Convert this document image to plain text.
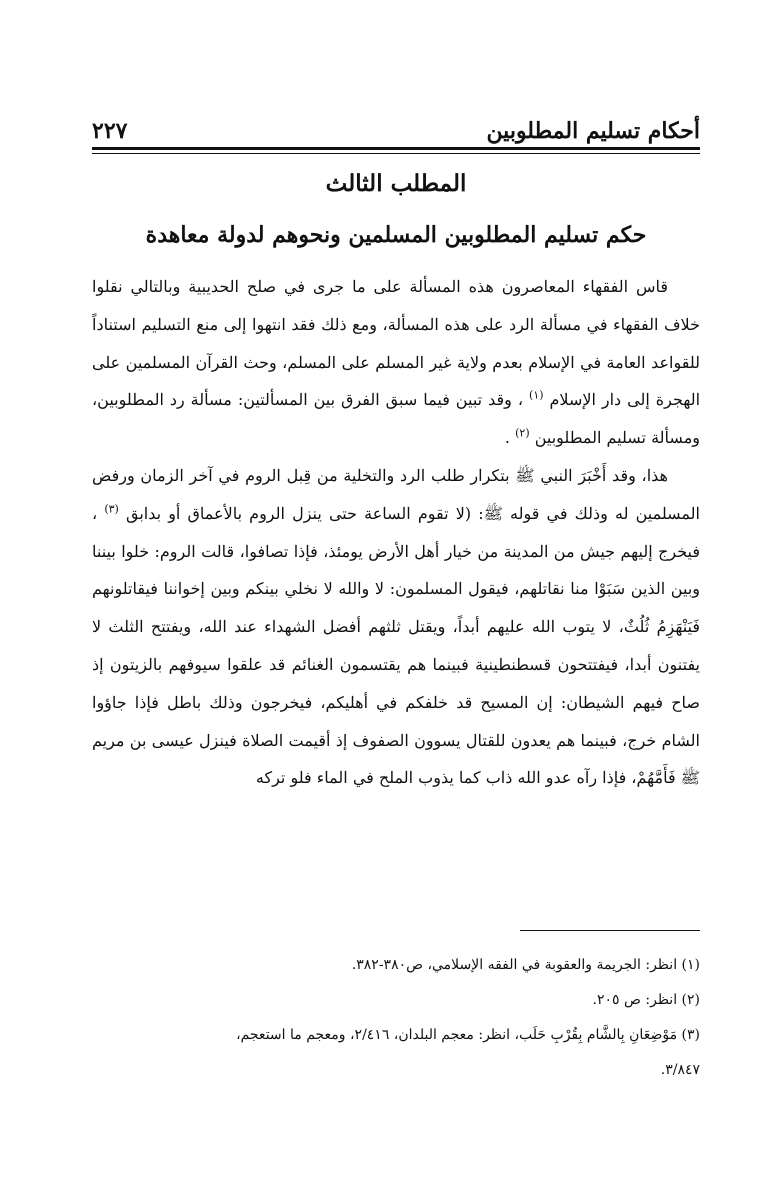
أحكام تسليم المطلوبين
٢٢٧
المطلب الثالث
حكم تسليم المطلوبين المسلمين ونحوهم لدولة معاهدة

قاس الفقهاء المعاصرون هذه المسألة على ما جرى في صلح الحديبية وبالتالي نقلوا خلاف الفقهاء في مسألة الرد على هذه المسألة، ومع ذلك فقد انتهوا إلى منع التسليم استناداً للقواعد العامة في الإسلام بعدم ولاية غير المسلم على المسلم، وحث القرآن المسلمين على الهجرة إلى دار الإسلام $^{(١)}$ ، وقد تبين فيما سبق الفرق بين المسألتين: مسألة رد المطلوبين، ومسألة تسليم المطلوبين $^{(٢)}$ .

هذا، وقد أَخْبَرَ النبي ﷺ بتكرار طلب الرد والتخلية من قِبل الروم في آخر الزمان ورفض المسلمين له وذلك في قوله ﷺ: (لا تقوم الساعة حتى ينزل الروم بالأعماق أو بدابق $^{(٣)}$ ، فيخرج إليهم جيش من المدينة من خيار أهل الأرض يومئذ، فإذا تصافوا، قالت الروم: خلوا بيننا وبين الذين سَبَوْا منا نقاتلهم، فيقول المسلمون: لا والله لا نخلي بينكم وبين إخواننا فيقاتلونهم فَيَنْهَزِمُ ثُلُثٌ، لا يتوب الله عليهم أبداً، ويقتل ثلثهم أفضل الشهداء عند الله، ويفتتح الثلث لا يفتنون أبدا، فيفتتحون قسطنطينية فبينما هم يقتسمون الغنائم قد علقوا سيوفهم بالزيتون إذ صاح فيهم الشيطان: إن المسيح قد خلفكم في أهليكم، فيخرجون وذلك باطل فإذا جاؤوا الشام خرج، فبينما هم يعدون للقتال يسوون الصفوف إذ أقيمت الصلاة فينزل عيسى بن مريم ﷺ فَأَمَّهُمْ، فإذا رآه عدو الله ذاب كما يذوب الملح في الماء فلو تركه

(١) انظر: الجريمة والعقوبة في الفقه الإسلامي، ص٣٨٠-٣٨٢.

(٢) انظر: ص ٢٠٥.

(٣) مَوْضِعَانِ بِالشَّام بِقُرْبِ حَلَب، انظر: معجم البلدان، ٢/٤١٦، ومعجم ما استعجم،
٣/٨٤٧.
